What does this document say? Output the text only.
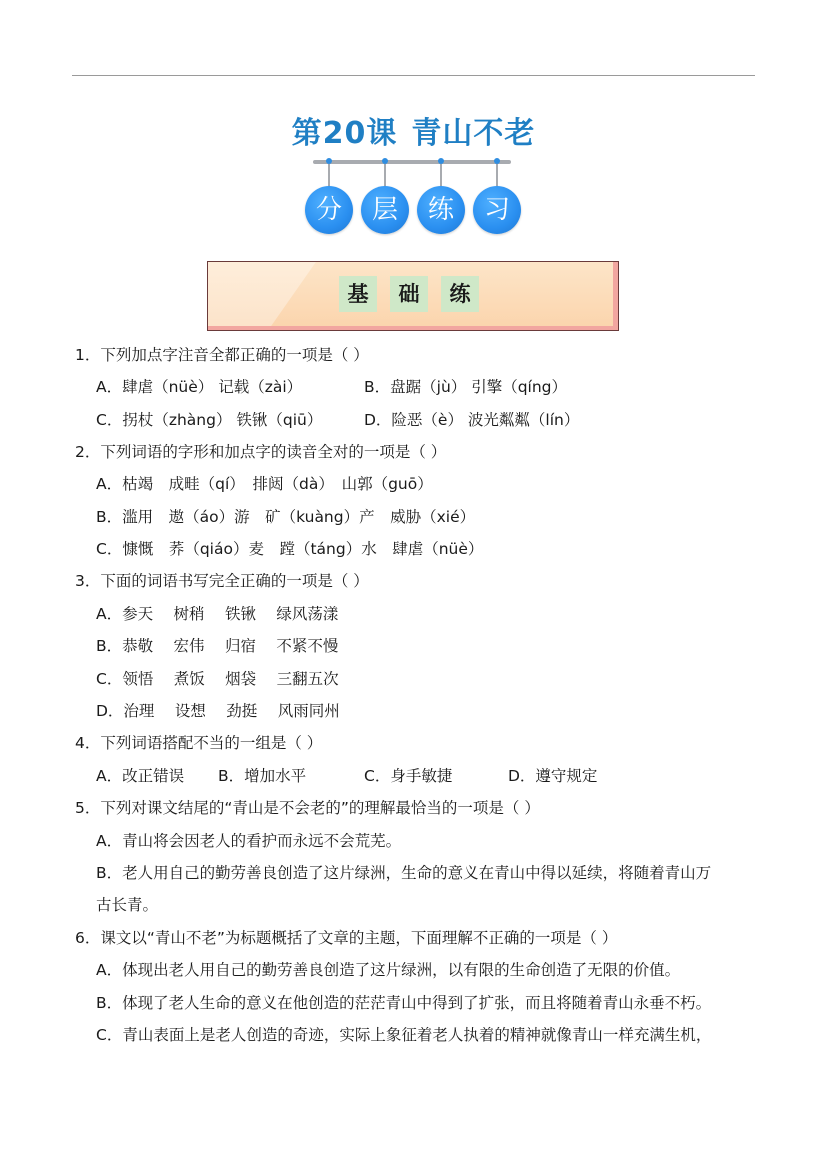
第20课 青山不老
分	层	练	习
基	础	练
1．下列加点字注音全都正确的一项是（ ）
A．肆虐（nüè） 记载（zài）	B．盘踞（jù） 引擎（qíng）
C．拐杖（zhàng） 铁锹（qiū）	D．险恶（è） 波光粼粼（lín）
2．下列词语的字形和加点字的读音全对的一项是（ ）
A．枯竭　成畦（qí）　排闼（dà）　山郭（guō）
B．滥用　遨（áo）游　矿（kuàng）产　威胁（xié）
C．慷慨　荞（qiáo）麦　蹚（táng）水　肆虐（nüè）
3．下面的词语书写完全正确的一项是（ ）
A．参天　 树稍　 铁锹　 绿风荡漾
B．恭敬　 宏伟　 归宿　 不紧不慢
C．领悟　 煮饭　 烟袋　 三翻五次
D．治理　 设想　 劲挺　 风雨同州
4．下列词语搭配不当的一组是（ ）
A．改正错误 B．增加水平	C．身手敏捷	D．遵守规定
5．下列对课文结尾的“青山是不会老的”的理解最恰当的一项是（ ）
A．青山将会因老人的看护而永远不会荒芜。
B．老人用自己的勤劳善良创造了这片绿洲，生命的意义在青山中得以延续，将随着青山万
古长青。
6．课文以“青山不老”为标题概括了文章的主题，下面理解不正确的一项是（ ）
A．体现出老人用自己的勤劳善良创造了这片绿洲，以有限的生命创造了无限的价值。
B．体现了老人生命的意义在他创造的茫茫青山中得到了扩张，而且将随着青山永垂不朽。
C．青山表面上是老人创造的奇迹，实际上象征着老人执着的精神就像青山一样充满生机，
